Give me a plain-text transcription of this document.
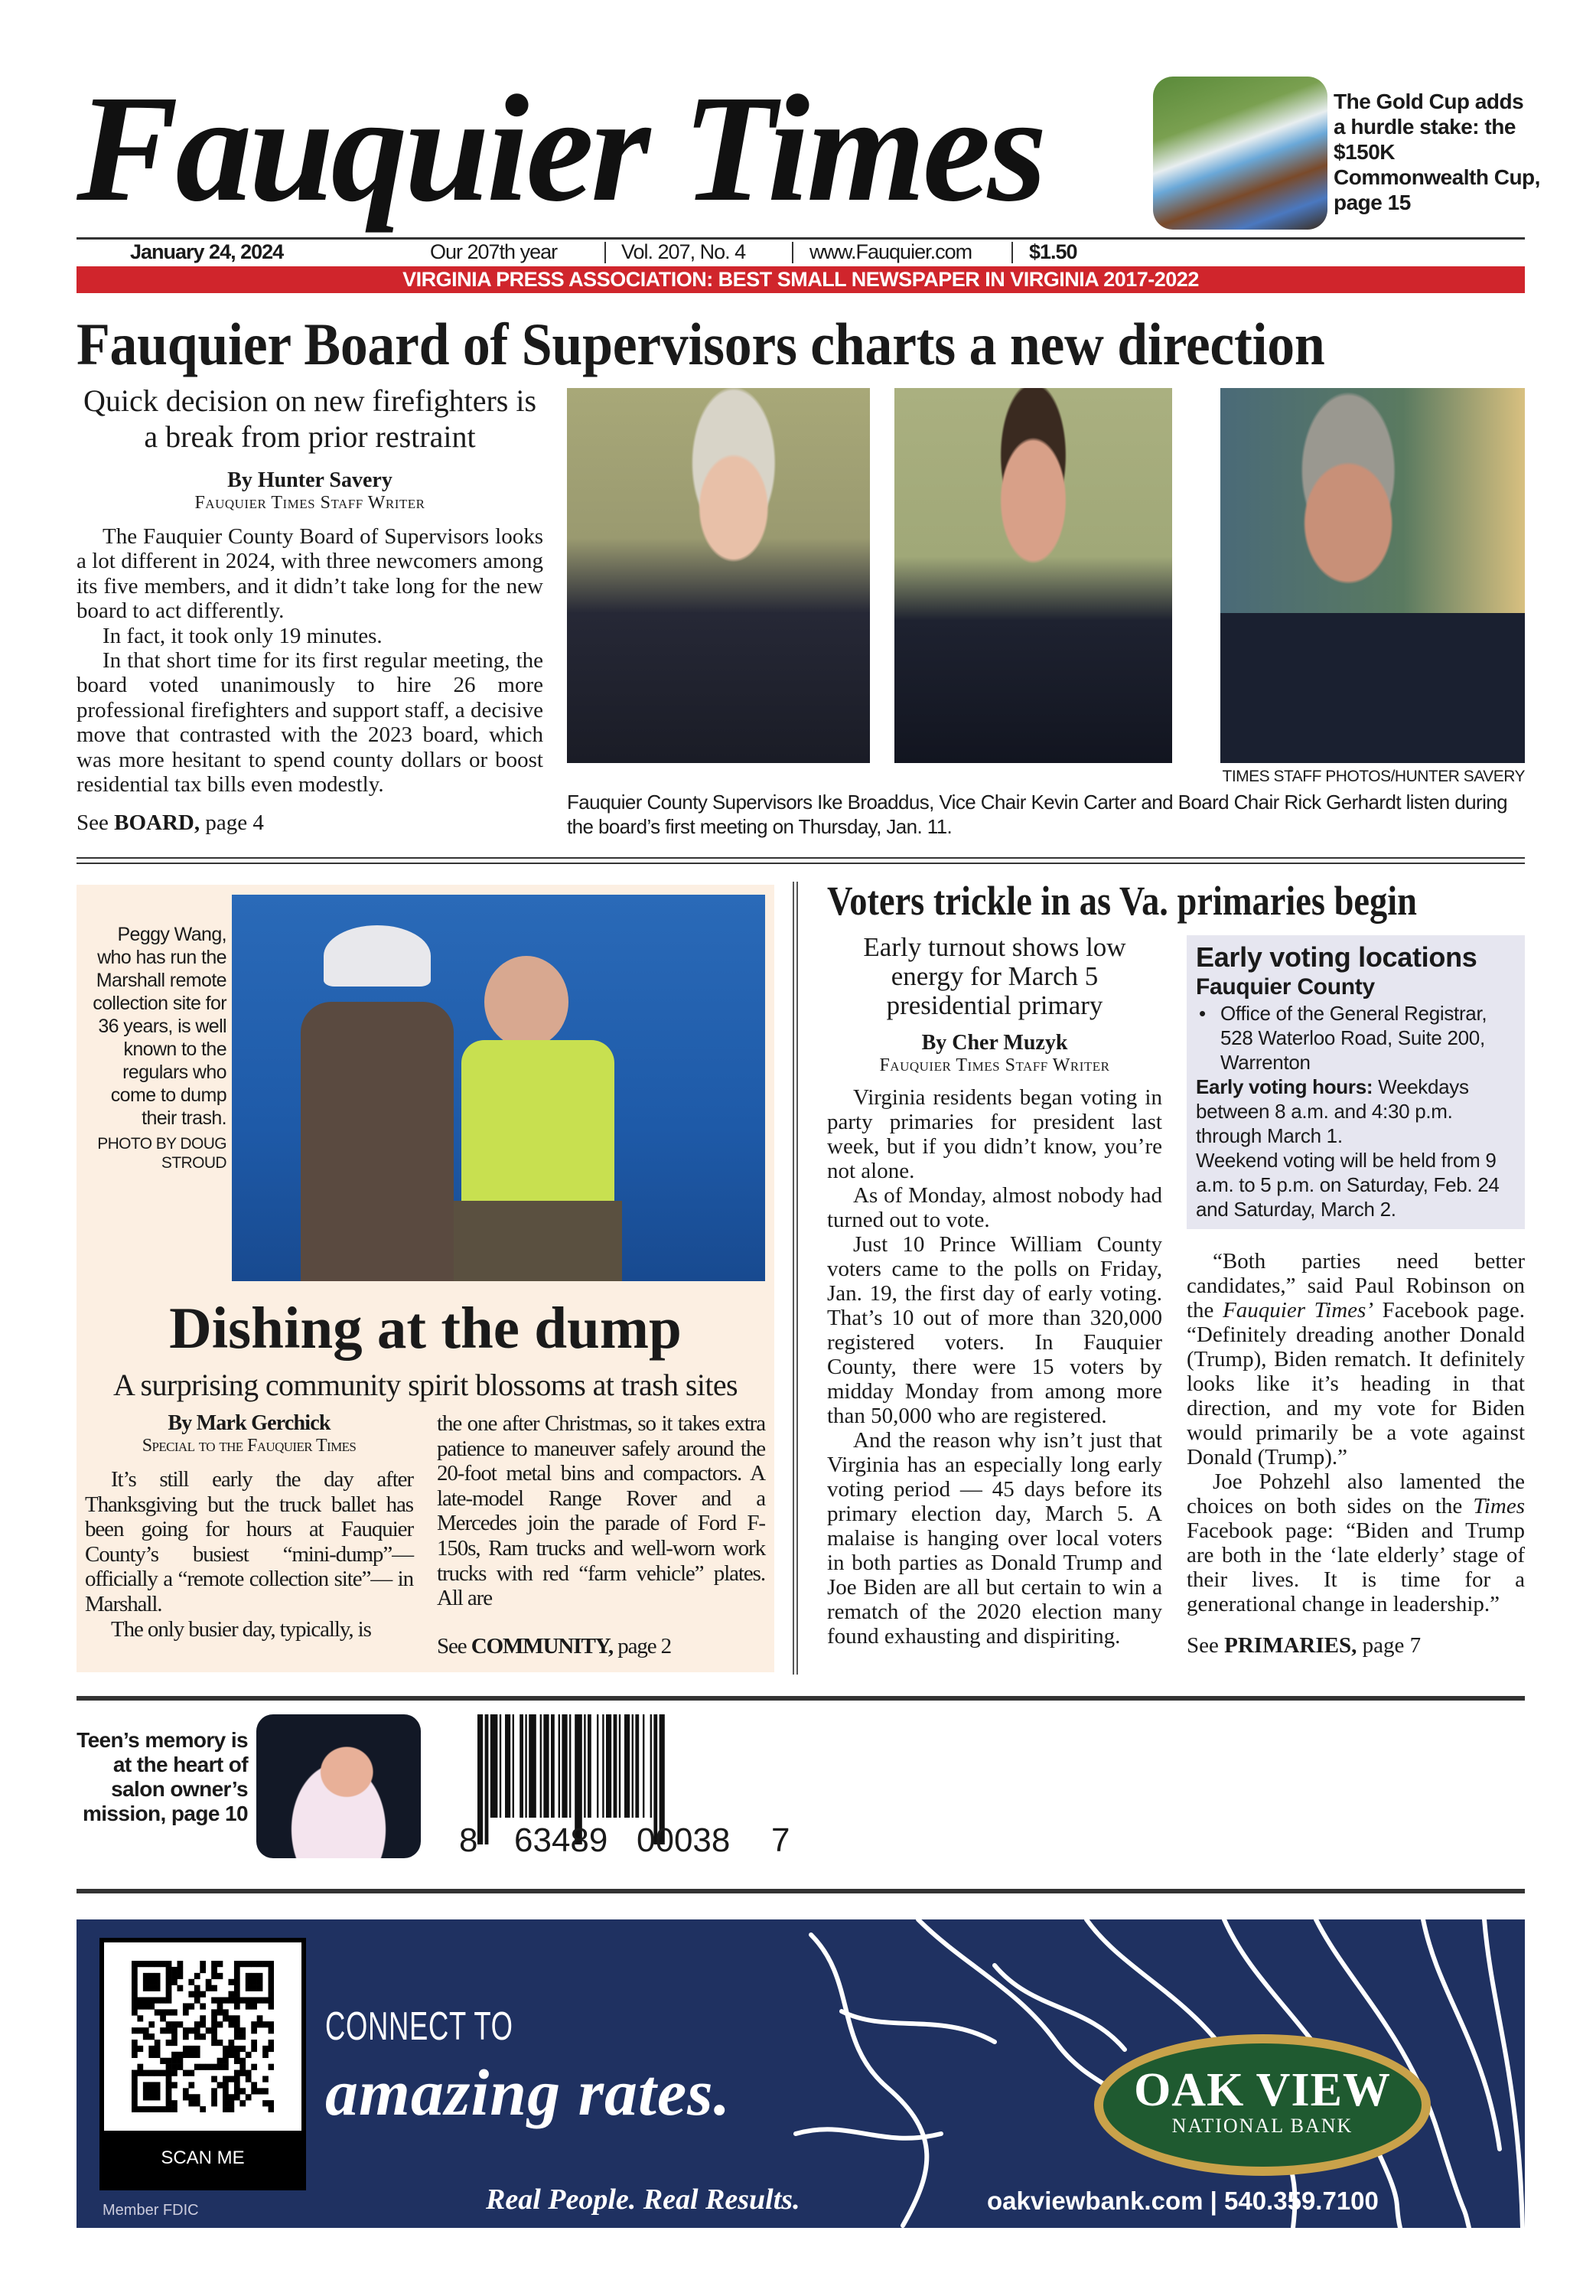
Fauquier Times	The Gold Cup adds a hurdle stake: the $150K Commonwealth Cup, page 15
January 24, 2024	Our 207th year	Vol. 207, No. 4	www.Fauquier.com	$1.50
VIRGINIA PRESS ASSOCIATION: BEST SMALL NEWSPAPER IN VIRGINIA 2017-2022
Fauquier Board of Supervisors charts a new direction
Quick decision on new firefighters is a break from prior restraint
By Hunter Savery
Fauquier Times Staff Writer

The Fauquier County Board of Supervisors looks a lot different in 2024, with three newcomers among its five members, and it didn’t take long for the new board to act differently.

In fact, it took only 19 minutes.

In that short time for its first regular meeting, the board voted unanimously to hire 26 more professional firefighters and support staff, a decisive move that contrasted with the 2023 board, which was more hesitant to spend county dollars or boost residential tax bills even modestly.

See BOARD, page 4
TIMES STAFF PHOTOS/HUNTER SAVERY
Fauquier County Supervisors Ike Broaddus, Vice Chair Kevin Carter and Board Chair Rick Gerhardt listen during the board’s first meeting on Thursday, Jan. 11.
Peggy Wang, who has run the Marshall remote collection site for 36 years, is well known to the regulars who come to dump their trash.
PHOTO BY DOUG STROUD
Dishing at the dump
A surprising community spirit blossoms at trash sites
By Mark Gerchick
Special to the Fauquier Times

It’s still early the day after Thanksgiving but the truck ballet has been going for hours at Fauquier County’s busiest “mini-dump”— officially a “remote collection site”— in Marshall.

The only busier day, typically, is

the one after Christmas, so it takes extra patience to maneuver safely around the 20-foot metal bins and compactors. A late-model Range Rover and a Mercedes join the parade of Ford F-150s, Ram trucks and well-worn work trucks with red “farm vehicle” plates. All are

See COMMUNITY, page 2
Voters trickle in as Va. primaries begin
Early turnout shows low energy for March 5 presidential primary
By Cher Muzyk
Fauquier Times Staff Writer

Virginia residents began voting in party primaries for president last week, but if you didn’t know, you’re not alone.

As of Monday, almost nobody had turned out to vote.

Just 10 Prince William County voters came to the polls on Friday, Jan. 19, the first day of early voting. That’s 10 out of more than 320,000 registered voters. In Fauquier County, there were 15 voters by midday Monday from among more than 50,000 who are registered.

And the reason why isn’t just that Virginia has an especially long early voting period — 45 days before its primary election day, March 5. A malaise is hanging over local voters in both parties as Donald Trump and Joe Biden are all but certain to win a rematch of the 2020 election many found exhausting and dispiriting.

Early voting locations
Fauquier County
• Office of the General Registrar, 528 Waterloo Road, Suite 200, Warrenton
Early voting hours: Weekdays between 8 a.m. and 4:30 p.m. through March 1.
Weekend voting will be held from 9 a.m. to 5 p.m. on Saturday, Feb. 24 and Saturday, March 2.

“Both parties need better candidates,” said Paul Robinson on the Fauquier Times’ Facebook page. “Definitely dreading another Donald (Trump), Biden rematch. It definitely looks like it’s heading in that direction, and my vote for Biden would primarily be a vote against Donald (Trump).”

Joe Pohzehl also lamented the choices on both sides on the Times Facebook page: “Biden and Trump are both in the ‘late elderly’ stage of their lives. It is time for a generational change in leadership.”

See PRIMARIES, page 7
Teen’s memory is at the heart of salon owner’s mission, page 10
8 63489 00038 7
SCAN ME
Member FDIC
CONNECT TO
amazing rates.	OAK VIEW
NATIONAL BANK
Real People. Real Results.	oakviewbank.com | 540.359.7100
